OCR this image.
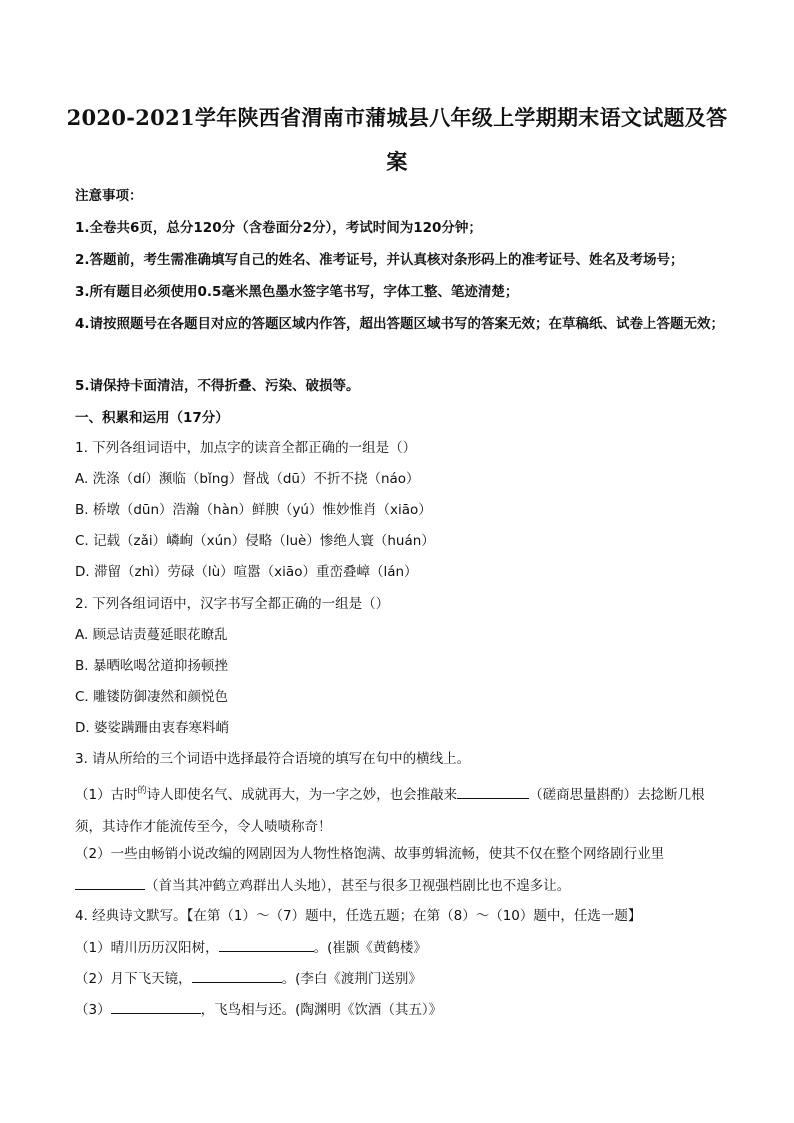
2020-2021学年陕西省渭南市蒲城县八年级上学期期末语文试题及答案
注意事项：
1.全卷共6页，总分120分（含卷面分2分），考试时间为120分钟；
2.答题前，考生需准确填写自己的姓名、准考证号，并认真核对条形码上的准考证号、姓名及考场号；
3.所有题目必须使用0.5毫米黑色墨水签字笔书写，字体工整、笔迹清楚；
4.请按照题号在各题目对应的答题区域内作答，超出答题区域书写的答案无效；在草稿纸、试卷上答题无效；
5.请保持卡面清洁，不得折叠、污染、破损等。
一、积累和运用（17分）
1. 下列各组词语中，加点字的读音全都正确的一组是（）
A. 洗涤（dí）濒临（bǐng）督战（dū）不折不挠（náo）
B. 桥墩（dūn）浩瀚（hàn）鲜腴（yú）惟妙惟肖（xiāo）
C. 记载（zǎi）嶙峋（xún）侵略（luè）惨绝人寰（huán）
D. 滞留（zhì）劳碌（lù）喧嚣（xiāo）重峦叠嶂（lán）
2. 下列各组词语中，汉字书写全都正确的一组是（）
A. 顾忌诘责蔓延眼花瞭乱
B. 暴晒吆喝岔道抑扬顿挫
C. 雕镂防御凄然和颜悦色
D. 婆娑蹒跚由衷春寒料峭
3. 请从所给的三个词语中选择最符合语境的填写在句中的横线上。
（1）古时$^的$诗人即使名气、成就再大，为一字之妙，也会推敲来	（磋商思量斟酌）去捻断几根须，其诗作才能流传至今，令人啧啧称奇！
（2）一些由畅销小说改编的网剧因为人物性格饱满、故事剪辑流畅，使其不仅在整个网络剧行业里（首当其冲鹤立鸡群出人头地），甚至与很多卫视强档剧比也不遑多让。
4. 经典诗文默写。【在第（1）～（7）题中，任选五题；在第（8）～（10）题中，任选一题】
（1）晴川历历汉阳树，	。(崔颢《黄鹤楼》
（2）月下飞天镜，	。(李白《渡荆门送别》
（3）	，飞鸟相与还。(陶渊明《饮酒（其五）》
